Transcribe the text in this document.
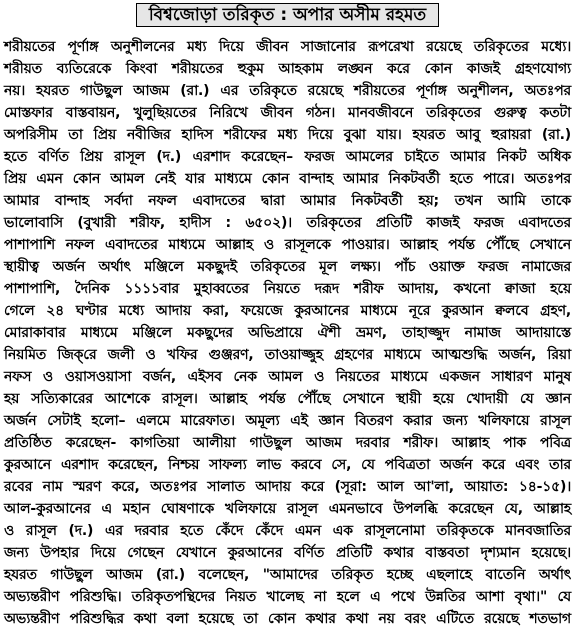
বিশ্বজোড়া তরিকৃত : অপার অসীম রহমত
শরীয়তের পূর্ণাঙ্গ অনুশীলনের মধ্য দিয়ে জীবন সাজানোর রূপরেখা রয়েছে তরিকৃতের মধ্যে।
শরীয়ত ব্যতিরেকে কিংবা শরীয়তের হুকুম আহকাম লঙ্ঘন করে কোন কাজই গ্রহণযোগ্য
নয়। হযরত গাউছুল আজম (রা.) এর তরিকৃতে রয়েছে শরীয়তের পূর্ণাঙ্গ অনুশীলন, অতঃপর
মোস্তফার বাস্তবায়ন, খুলুছিয়তের নিরিখে জীবন গঠন। মানবজীবনে তরিকৃতের গুরুত্ব কতটা
অপরিসীম তা প্রিয় নবীজির হাদিস শরীফের মধ্য দিয়ে বুঝা যায়। হযরত আবু হুরায়রা (রা.)
হতে বর্ণিত প্রিয় রাসূল (দ.) এরশাদ করেছেন– ফরজ আমলের চাইতে আমার নিকট অধিক
প্রিয় এমন কোন আমল নেই যার মাধ্যমে কোন বান্দাহ আমার নিকটবর্তী হতে পারে। অতঃপর
আমার বান্দাহ সর্বদা নফল এবাদতের দ্বারা আমার নিকটবর্তী হয়; তখন আমি তাকে
ভালোবাসি (বুখারী শরীফ, হাদীস : ৬৫০২)। তরিকৃতের প্রতিটি কাজই ফরজ এবাদতের
পাশাপাশি নফল এবাদতের মাধ্যমে আল্লাহ ও রাসূলকে পাওয়ার। আল্লাহ পর্যন্ত পৌঁছে সেখানে
স্থায়ীত্ব অর্জন অর্থাৎ মঞ্জিলে মকছুদই তরিকৃতের মূল লক্ষ্য। পাঁচ ওয়াক্ত ফরজ নামাজের
পাশাপাশি, দৈনিক ১১১১বার মুহাব্বতের নিয়তে দরূদ শরীফ আদায়, কখনো ক্বাজা হয়ে
গেলে ২৪ ঘণ্টার মধ্যে আদায় করা, ফয়েজে কুরআনের মাধ্যমে নূরে কুরআন ক্বলবে গ্রহণ,
মোরাকাবার মাধ্যমে মঞ্জিলে মকছুদের অভিপ্রায়ে ঐশী ভ্রমণ, তাহাজ্জুদ নামাজ আদায়াস্তে
নিয়মিত জিক্‌রে জলী ও খফির গুঞ্জরণ, তাওয়াজ্জুহ গ্রহণের মাধ্যমে আত্মশুদ্ধি অর্জন, রিয়া
নফস ও ওয়াসওয়াসা বর্জন, এইসব নেক আমল ও নিয়তের মাধ্যমে একজন সাধারণ মানুষ
হয় সত্যিকারের আশেকে রাসূল। আল্লাহ পর্যন্ত পৌঁছে সেখানে স্থায়ী হয়ে খোদায়ী যে জ্ঞান
অর্জন সেটাই হলো– এলমে মারেফাত। অমূল্য এই জ্ঞান বিতরণ করার জন্য খলিফায়ে রাসূল
প্রতিষ্ঠিত করেছেন- কাগতিয়া আলীয়া গাউছুল আজম দরবার শরীফ। আল্লাহ পাক পবিত্র
কুরআনে এরশাদ করেছেন, নিশ্চয় সাফল্য লাভ করবে সে, যে পবিত্রতা অর্জন করে এবং তার
রবের নাম স্মরণ করে, অতঃপর সালাত আদায় করে (সূরা: আল আ'লা, আয়াত: ১৪-১৫)।
আল-কুরআনের এ মহান ঘোষণাকে খলিফায়ে রাসূল এমনভাবে উপলব্ধি করেছেন যে, আল্লাহ
ও রাসূল (দ.) এর দরবার হতে কেঁদে কেঁদে এমন এক রাসূলনোমা তরিকৃতকে মানবজাতির
জন্য উপহার দিয়ে গেছেন যেখানে কুরআনের বর্ণিত প্রতিটি কথার বাস্তবতা দৃশ্যমান হয়েছে।
হযরত গাউছুল আজম (রা.) বলেছেন, "আমাদের তরিকৃত হচ্ছে এছলাহে বাতেনি অর্থাৎ
অভ্যন্তরীণ পরিশুদ্ধি। তরিকৃতপন্থিদের নিয়ত খালেছ না হলে এ পথে উন্নতির আশা বৃথা।" যে
অভ্যন্তরীণ পরিশুদ্ধির কথা বলা হয়েছে তা কোন কথার কথা নয় বরং এটিতে রয়েছে শতভাগ
